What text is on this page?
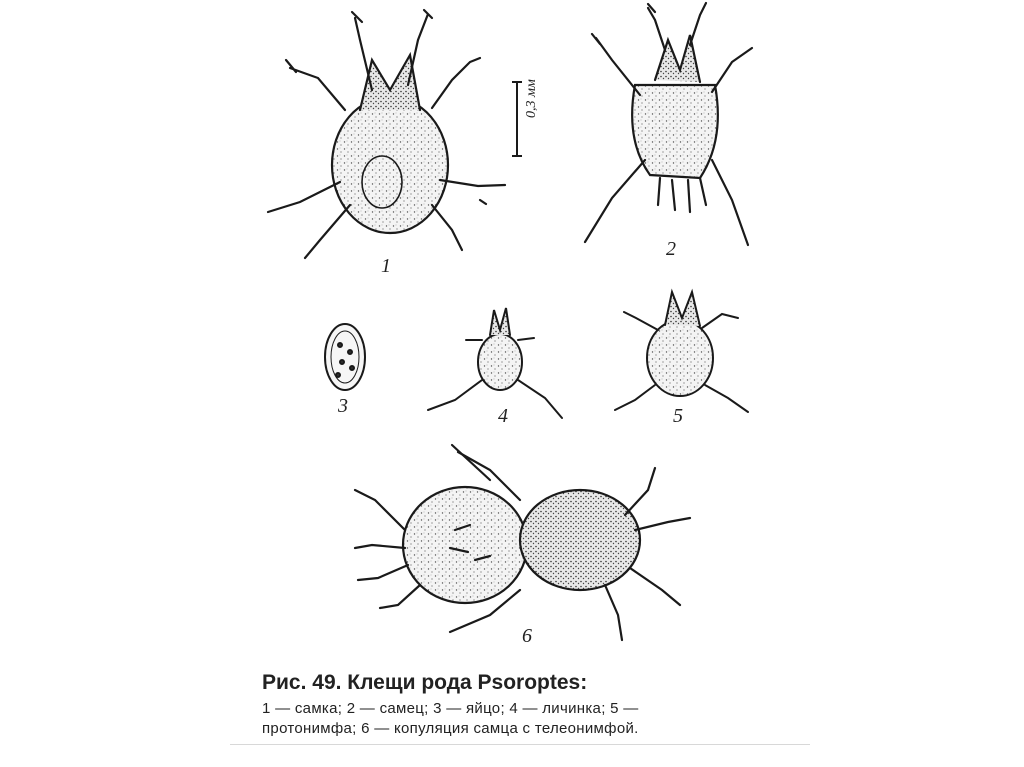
1
2
3	4	5
6
0,3 мм
Рис. 49. Клещи рода Psoroptes:
1 — самка; 2 — самец; 3 — яйцо; 4 — личинка; 5 —
протонимфа; 6 — копуляция самца с телеонимфой.
